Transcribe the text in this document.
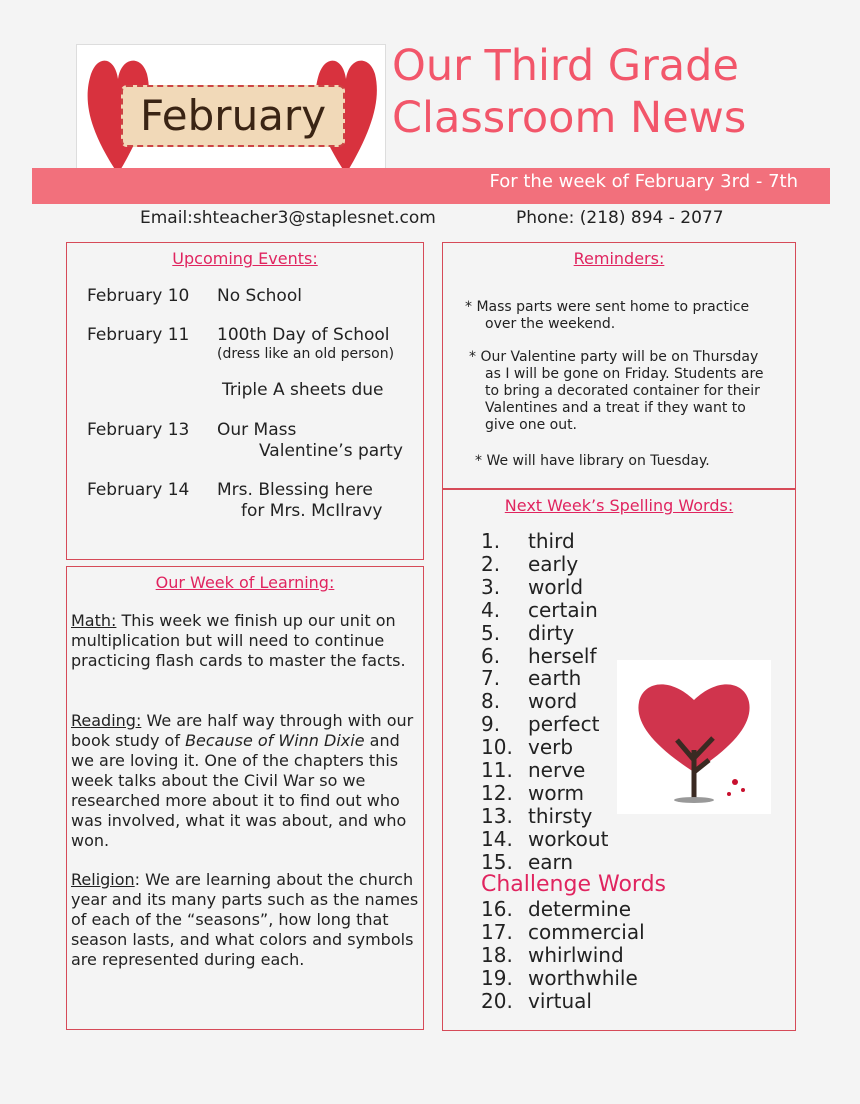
February
Our Third Grade
Classroom News
For the week of February 3rd - 7th
Email:shteacher3@staplesnet.com	Phone: (218) 894 - 2077
Upcoming Events:
February 10 No School
February 11 100th Day of School
(dress like an old person)
Triple A sheets due
February 13 Our Mass
Valentine’s party
February 14 Mrs. Blessing here
for Mrs. McIlravy
Reminders:
* Mass parts were sent home to practice
over the weekend.
* Our Valentine party will be on Thursday
as I will be gone on Friday. Students are
to bring a decorated container for their
Valentines and a treat if they want to
give one out.
* We will have library on Tuesday.
Next Week’s Spelling Words:
1. third
2. early
3. world
4. certain
5. dirty
6. herself
7. earth
8. word
9. perfect
10. verb
11. nerve
12. worm
13. thirsty
14. workout
15. earn
Challenge Words
16. determine
17. commercial
18. whirlwind
19. worthwhile
20. virtual
Our Week of Learning:
Math: This week we finish up our unit on multiplication but will need to continue practicing flash cards to master the facts.
Reading: We are half way through with our book study of Because of Winn Dixie and we are loving it. One of the chapters this week talks about the Civil War so we researched more about it to find out who was involved, what it was about, and who won.
Religion: We are learning about the church year and its many parts such as the names of each of the “seasons”, how long that season lasts, and what colors and symbols are represented during each.
